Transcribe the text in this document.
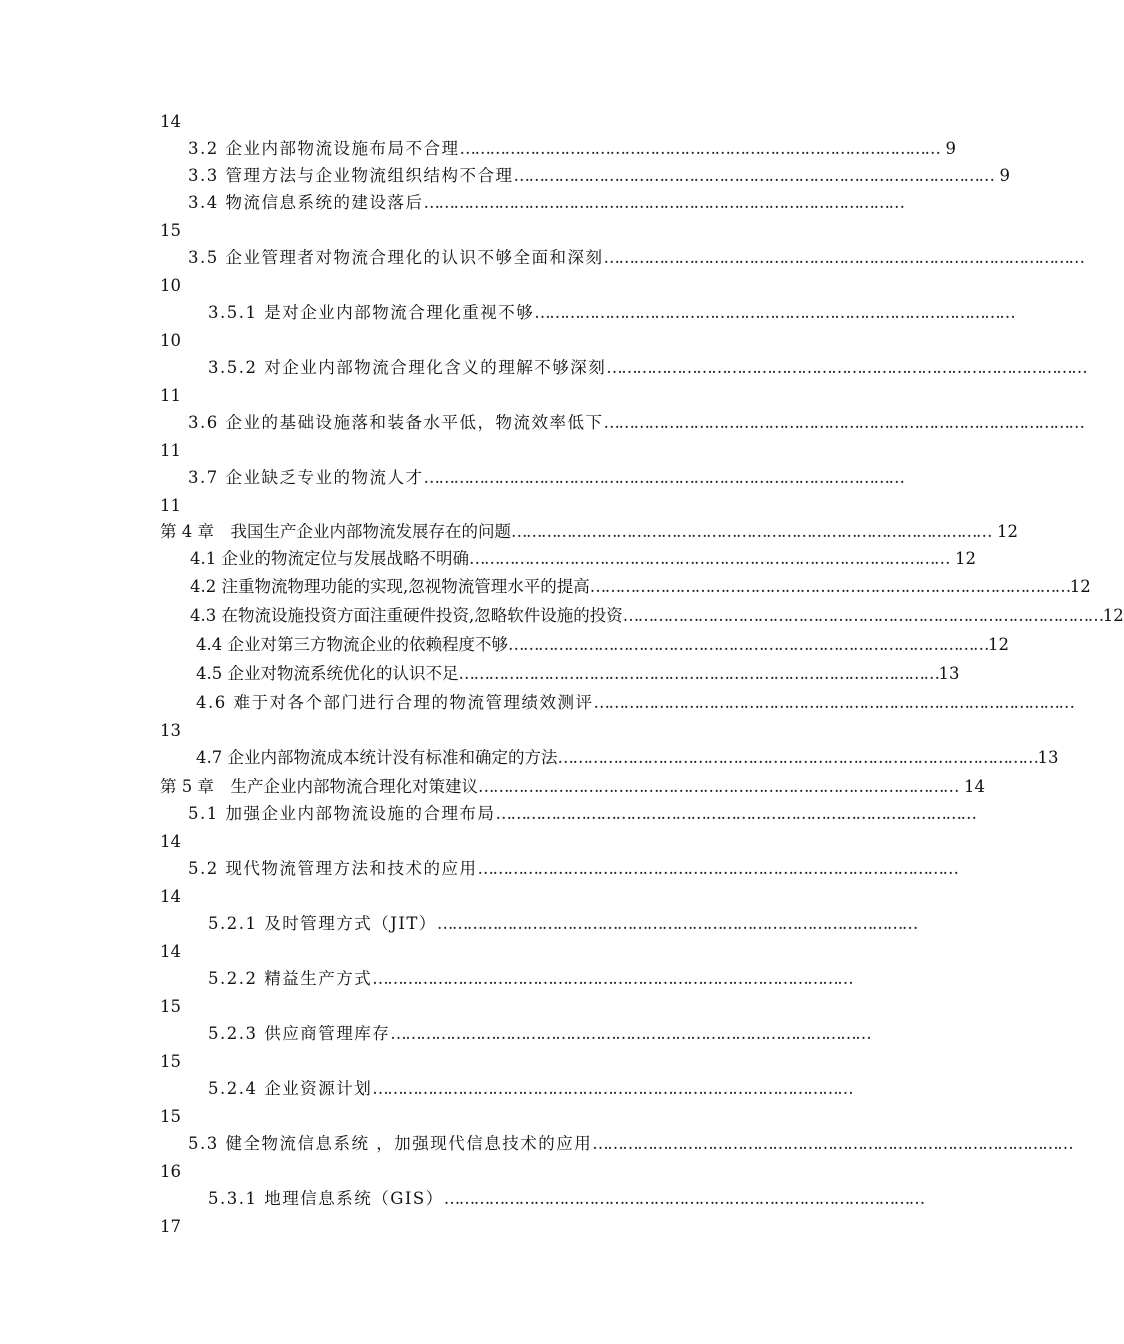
14
3.2 企业内部物流设施布局不合理 …………………………………………………………………………………… 9
3.3 管理方法与企业物流组织结构不合理 …………………………………………………………………………………… 9
3.4 物流信息系统的建设落后 ……………………………………………………………………………………
15
3.5 企业管理者对物流合理化的认识不够全面和深刻 ……………………………………………………………………………………
10
3.5.1 是对企业内部物流合理化重视不够 ……………………………………………………………………………………
10
3.5.2 对企业内部物流合理化含义的理解不够深刻 ……………………………………………………………………………………
11
3.6 企业的基础设施落和装备水平低，物流效率低下 ……………………………………………………………………………………
11
3.7 企业缺乏专业的物流人才 ……………………………………………………………………………………
11
第 4 章　我国生产企业内部物流发展存在的问题 …………………………………………………………………………………… 12
4.1 企业的物流定位与发展战略不明确 …………………………………………………………………………………… 12
4.2 注重物流物理功能的实现,忽视物流管理水平的提高 …………………………………………………………………………………… 12
4.3 在物流设施投资方面注重硬件投资,忽略软件设施的投资 …………………………………………………………………………………… 12
4.4 企业对第三方物流企业的依赖程度不够 …………………………………………………………………………………… 12
4.5 企业对物流系统优化的认识不足 …………………………………………………………………………………… 13
4.6 难于对各个部门进行合理的物流管理绩效测评 ……………………………………………………………………………………
13
4.7 企业内部物流成本统计没有标准和确定的方法 …………………………………………………………………………………… 13
第 5 章　生产企业内部物流合理化对策建议 …………………………………………………………………………………… 14
5.1 加强企业内部物流设施的合理布局 ……………………………………………………………………………………
14
5.2 现代物流管理方法和技术的应用 ……………………………………………………………………………………
14
5.2.1 及时管理方式（JIT） ……………………………………………………………………………………
14
5.2.2 精益生产方式 ……………………………………………………………………………………
15
5.2.3 供应商管理库存 ……………………………………………………………………………………
15
5.2.4 企业资源计划 ……………………………………………………………………………………
15
5.3 健全物流信息系统 ，加强现代信息技术的应用 ……………………………………………………………………………………
16
5.3.1 地理信息系统（GIS） ……………………………………………………………………………………
17
